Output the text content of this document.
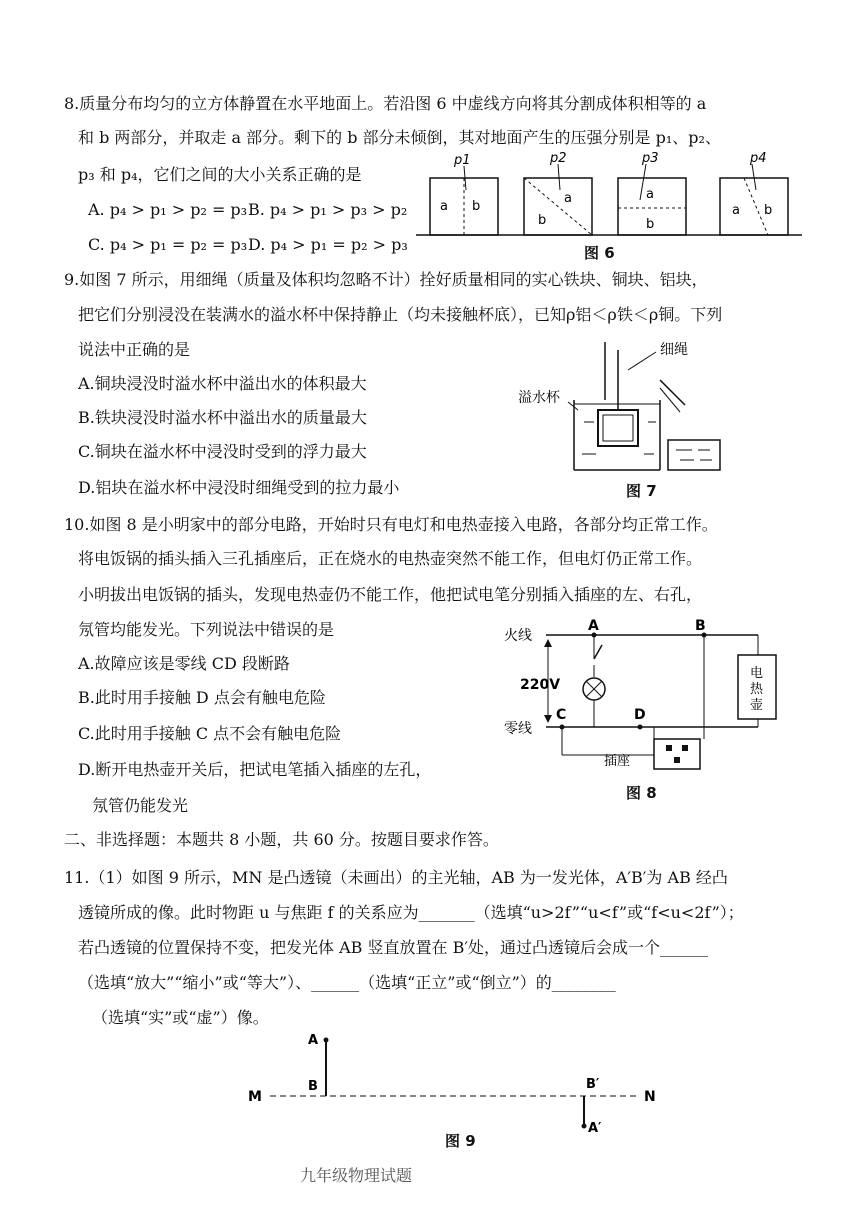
8.质量分布均匀的立方体静置在水平地面上。若沿图 6 中虚线方向将其分割成体积相等的 a
和 b 两部分，并取走 a 部分。剩下的 b 部分未倾倒，其对地面产生的压强分别是 p₁、p₂、
p₃ 和 p₄，它们之间的大小关系正确的是
A. p₄ > p₁ > p₂ = p₃ B. p₄ > p₁ > p₃ > p₂
C. p₄ > p₁ = p₂ = p₃ D. p₄ > p₁ = p₂ > p₃
p1
a b
p2
a
b
p3
a
b
p4
a b
图 6
9.如图 7 所示，用细绳（质量及体积均忽略不计）拴好质量相同的实心铁块、铜块、铝块，
把它们分别浸没在装满水的溢水杯中保持静止（均未接触杯底），已知ρ铝＜ρ铁＜ρ铜。下列
说法中正确的是
A.铜块浸没时溢水杯中溢出水的体积最大
B.铁块浸没时溢水杯中溢出水的质量最大
C.铜块在溢水杯中浸没时受到的浮力最大
D.铝块在溢水杯中浸没时细绳受到的拉力最小
细绳
溢水杯
图 7
10.如图 8 是小明家中的部分电路，开始时只有电灯和电热壶接入电路，各部分均正常工作。
将电饭锅的插头插入三孔插座后，正在烧水的电热壶突然不能工作，但电灯仍正常工作。
小明拔出电饭锅的插头，发现电热壶仍不能工作，他把试电笔分别插入插座的左、右孔，
氖管均能发光。下列说法中错误的是
A.故障应该是零线 CD 段断路
B.此时用手接触 D 点会有触电危险
C.此时用手接触 C 点不会有触电危险
D.断开电热壶开关后，把试电笔插入插座的左孔，
氖管仍能发光
火线
零线
220V
A	B
C	D
插座
电
热
壶
图 8
二、非选择题：本题共 8 小题，共 60 分。按题目要求作答。
11.（1）如图 9 所示，MN 是凸透镜（未画出）的主光轴，AB 为一发光体，A′B′为 AB 经凸
透镜所成的像。此时物距 u 与焦距 f 的关系应为_______（选填“u>2f”“u<f”或“f<u<2f”）；
若凸透镜的位置保持不变，把发光体 AB 竖直放置在 B′处，通过凸透镜后会成一个______
（选填“放大”“缩小”或“等大”）、______（选填“正立”或“倒立”）的________
（选填“实”或“虚”）像。
M	N
A
B	B′
A′
图 9
九年级物理试题
